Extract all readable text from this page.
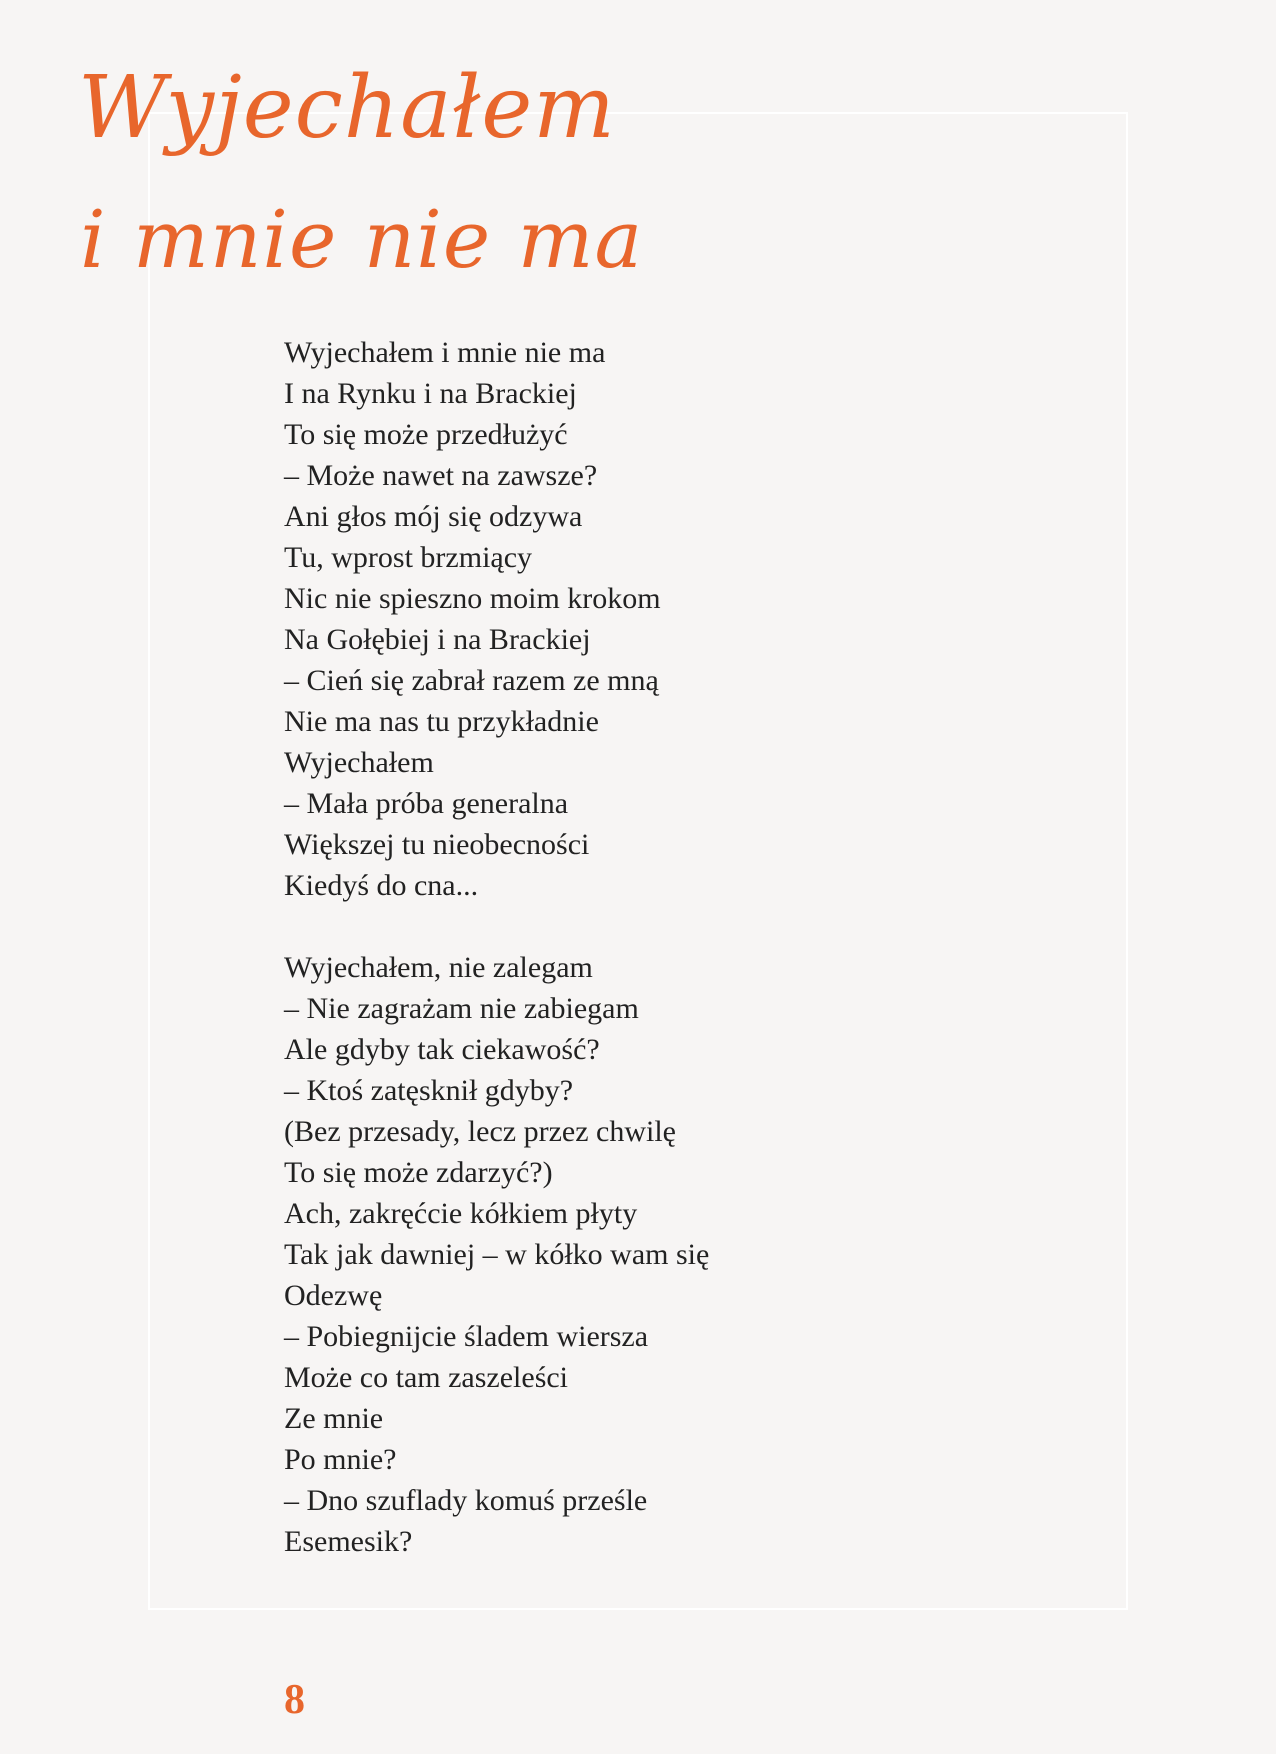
Wyjechałem
i mnie nie ma

Wyjechałem i mnie nie ma
I na Rynku i na Brackiej
To się może przedłużyć
– Może nawet na zawsze?
Ani głos mój się odzywa
Tu, wprost brzmiący
Nic nie spieszno moim krokom
Na Gołębiej i na Brackiej
– Cień się zabrał razem ze mną
Nie ma nas tu przykładnie
Wyjechałem
– Mała próba generalna
Większej tu nieobecności
Kiedyś do cna...

Wyjechałem, nie zalegam
– Nie zagrażam nie zabiegam
Ale gdyby tak ciekawość?
– Ktoś zatęsknił gdyby?
(Bez przesady, lecz przez chwilę
To się może zdarzyć?)
Ach, zakręćcie kółkiem płyty
Tak jak dawniej – w kółko wam się
Odezwę
– Pobiegnijcie śladem wiersza
Może co tam zaszeleści
Ze mnie
Po mnie?
– Dno szuflady komuś prześle
Esemesik?

8
